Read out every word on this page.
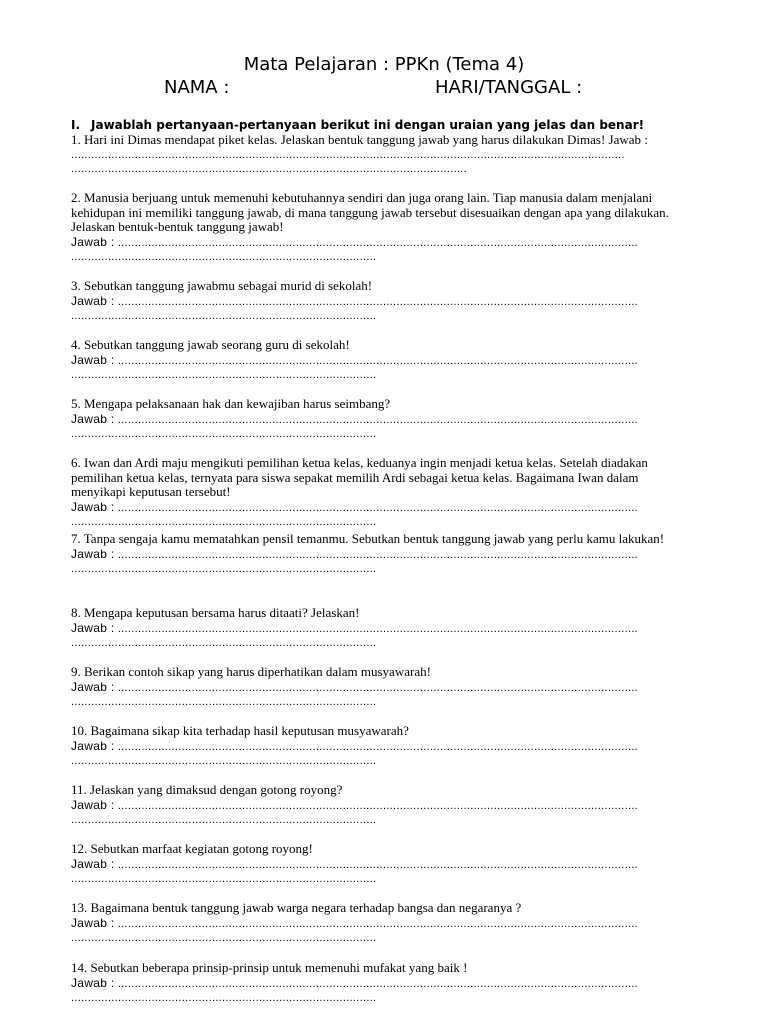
Mata Pelajaran : PPKn (Tema 4)
NAMA :	HARI/TANGGAL :
I. Jawablah pertanyaan-pertanyaan berikut ini dengan uraian yang jelas dan benar!
1. Hari ini Dimas mendapat piket kelas. Jelaskan bentuk tanggung jawab yang harus dilakukan Dimas! Jawab :
.....................................................................................................................................................................
......................................................................................................................
2. Manusia berjuang untuk memenuhi kebutuhannya sendiri dan juga orang lain. Tiap manusia dalam menjalani kehidupan ini memiliki tanggung jawab, di mana tanggung jawab tersebut disesuaikan dengan apa yang dilakukan. Jelaskan bentuk-bentuk tanggung jawab!
Jawab : ...........................................................................................................................................................
...........................................................................................
3. Sebutkan tanggung jawabmu sebagai murid di sekolah!
Jawab : ...........................................................................................................................................................
...........................................................................................
4. Sebutkan tanggung jawab seorang guru di sekolah!
Jawab : ...........................................................................................................................................................
...........................................................................................
5. Mengapa pelaksanaan hak dan kewajiban harus seimbang?
Jawab : ...........................................................................................................................................................
...........................................................................................
6. Iwan dan Ardi maju mengikuti pemilihan ketua kelas, keduanya ingin menjadi ketua kelas. Setelah diadakan pemilihan ketua kelas, ternyata para siswa sepakat memilih Ardi sebagai ketua kelas. Bagaimana Iwan dalam menyikapi keputusan tersebut!
Jawab : ...........................................................................................................................................................
...........................................................................................
7. Tanpa sengaja kamu mematahkan pensil temanmu. Sebutkan bentuk tanggung jawab yang perlu kamu lakukan!
Jawab : ...........................................................................................................................................................
...........................................................................................
8. Mengapa keputusan bersama harus ditaati? Jelaskan!
Jawab : ...........................................................................................................................................................
...........................................................................................
9. Berikan contoh sikap yang harus diperhatikan dalam musyawarah!
Jawab : ...........................................................................................................................................................
...........................................................................................
10. Bagaimana sikap kita terhadap hasil keputusan musyawarah?
Jawab : ...........................................................................................................................................................
...........................................................................................
11. Jelaskan yang dimaksud dengan gotong royong?
Jawab : ...........................................................................................................................................................
...........................................................................................
12. Sebutkan marfaat kegiatan gotong royong!
Jawab : ...........................................................................................................................................................
...........................................................................................
13. Bagaimana bentuk tanggung jawab warga negara terhadap bangsa dan negaranya ?
Jawab : ...........................................................................................................................................................
...........................................................................................
14. Sebutkan beberapa prinsip-prinsip untuk memenuhi mufakat yang baik !
Jawab : ...........................................................................................................................................................
...........................................................................................
